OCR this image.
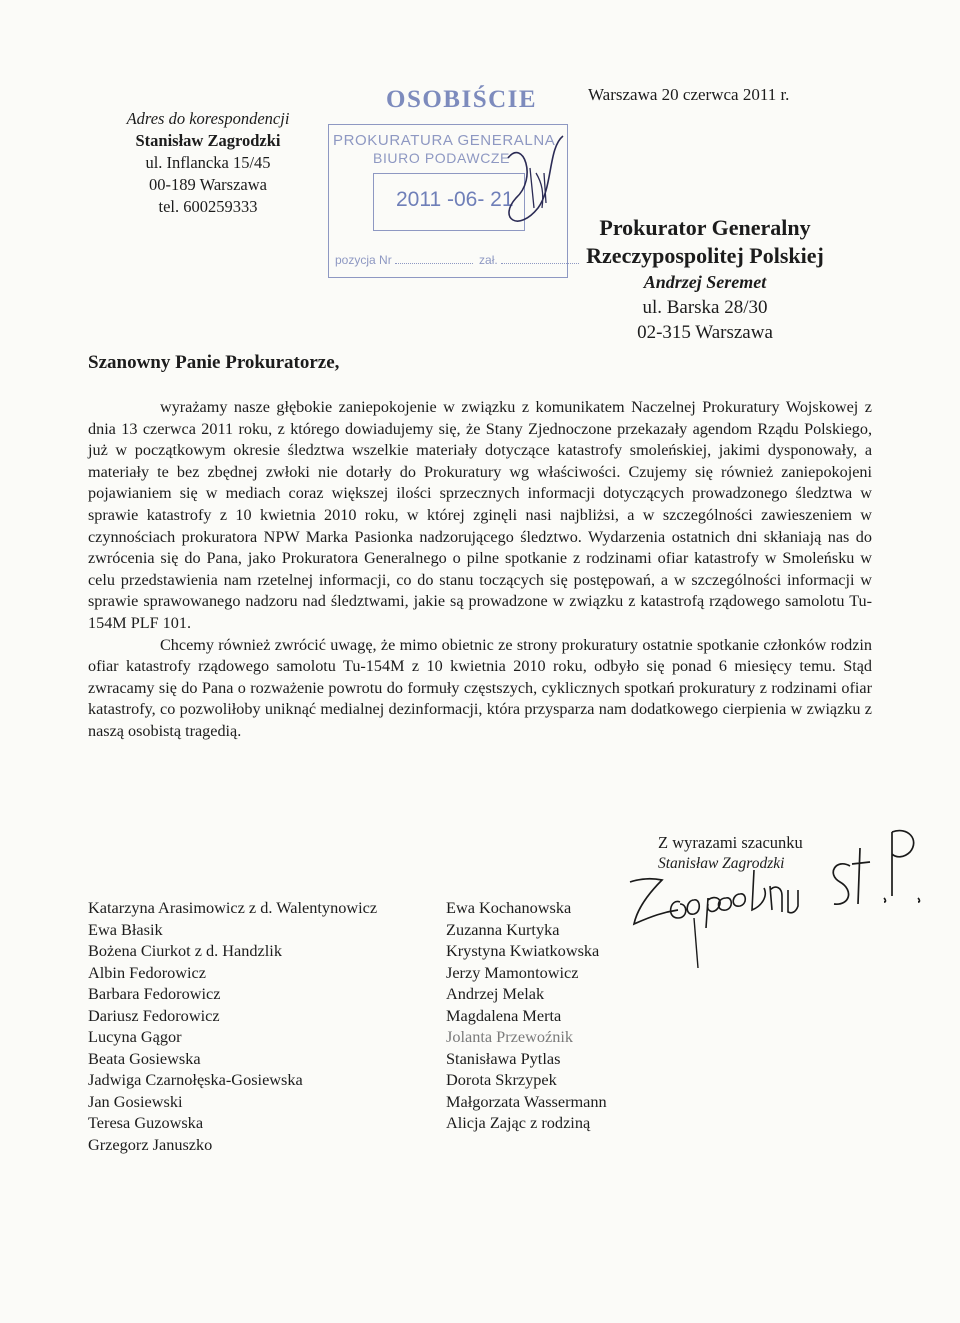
Adres do korespondencji
Stanisław Zagrodzki
ul. Inflancka 15/45
00-189 Warszawa
tel. 600259333
OSOBIŚCIE
PROKURATURA GENERALNA
BIURO PODAWCZE
2011 -06- 21
pozycja Nr	zał.
Warszawa 20 czerwca 2011 r.
Prokurator Generalny
Rzeczypospolitej Polskiej
Andrzej Seremet
ul. Barska 28/30
02-315 Warszawa
Szanowny Panie Prokuratorze,

wyrażamy nasze głębokie zaniepokojenie w związku z komunikatem Naczelnej Prokuratury Wojskowej z dnia 13 czerwca 2011 roku, z którego dowiadujemy się, że Stany Zjednoczone przekazały agendom Rządu Polskiego, już w początkowym okresie śledztwa wszelkie materiały dotyczące katastrofy smoleńskiej, jakimi dysponowały, a materiały te bez zbędnej zwłoki nie dotarły do Prokuratury wg właściwości. Czujemy się również zaniepokojeni pojawianiem się w mediach coraz większej ilości sprzecznych informacji dotyczących prowadzonego śledztwa w sprawie katastrofy z 10 kwietnia 2010 roku, w której zginęli nasi najbliżsi, a w szczególności zawieszeniem w czynnościach prokuratora NPW Marka Pasionka nadzorującego śledztwo. Wydarzenia ostatnich dni skłaniają nas do zwrócenia się do Pana, jako Prokuratora Generalnego o pilne spotkanie z rodzinami ofiar katastrofy w Smoleńsku w celu przedstawienia nam rzetelnej informacji, co do stanu toczących się postępowań, a w szczególności informacji w sprawie sprawowanego nadzoru nad śledztwami, jakie są prowadzone w związku z katastrofą rządowego samolotu Tu-154M PLF 101.

Chcemy również zwrócić uwagę, że mimo obietnic ze strony prokuratury ostatnie spotkanie członków rodzin ofiar katastrofy rządowego samolotu Tu-154M z 10 kwietnia 2010 roku, odbyło się ponad 6 miesięcy temu. Stąd zwracamy się do Pana o rozważenie powrotu do formuły częstszych, cyklicznych spotkań prokuratury z rodzinami ofiar katastrofy, co pozwoliłoby uniknąć medialnej dezinformacji, która przysparza nam dodatkowego cierpienia w związku z naszą osobistą tragedią.

Z wyrazami szacunku
Stanisław Zagrodzki
Katarzyna Arasimowicz z d. Walentynowicz
Ewa Błasik
Bożena Ciurkot z d. Handzlik
Albin Fedorowicz
Barbara Fedorowicz
Dariusz Fedorowicz
Lucyna Gągor
Beata Gosiewska
Jadwiga Czarnołęska-Gosiewska
Jan Gosiewski
Teresa Guzowska
Grzegorz Januszko
Ewa Kochanowska
Zuzanna Kurtyka
Krystyna Kwiatkowska
Jerzy Mamontowicz
Andrzej Melak
Magdalena Merta
Jolanta Przewoźnik
Stanisława Pytlas
Dorota Skrzypek
Małgorzata Wassermann
Alicja Zając z rodziną
